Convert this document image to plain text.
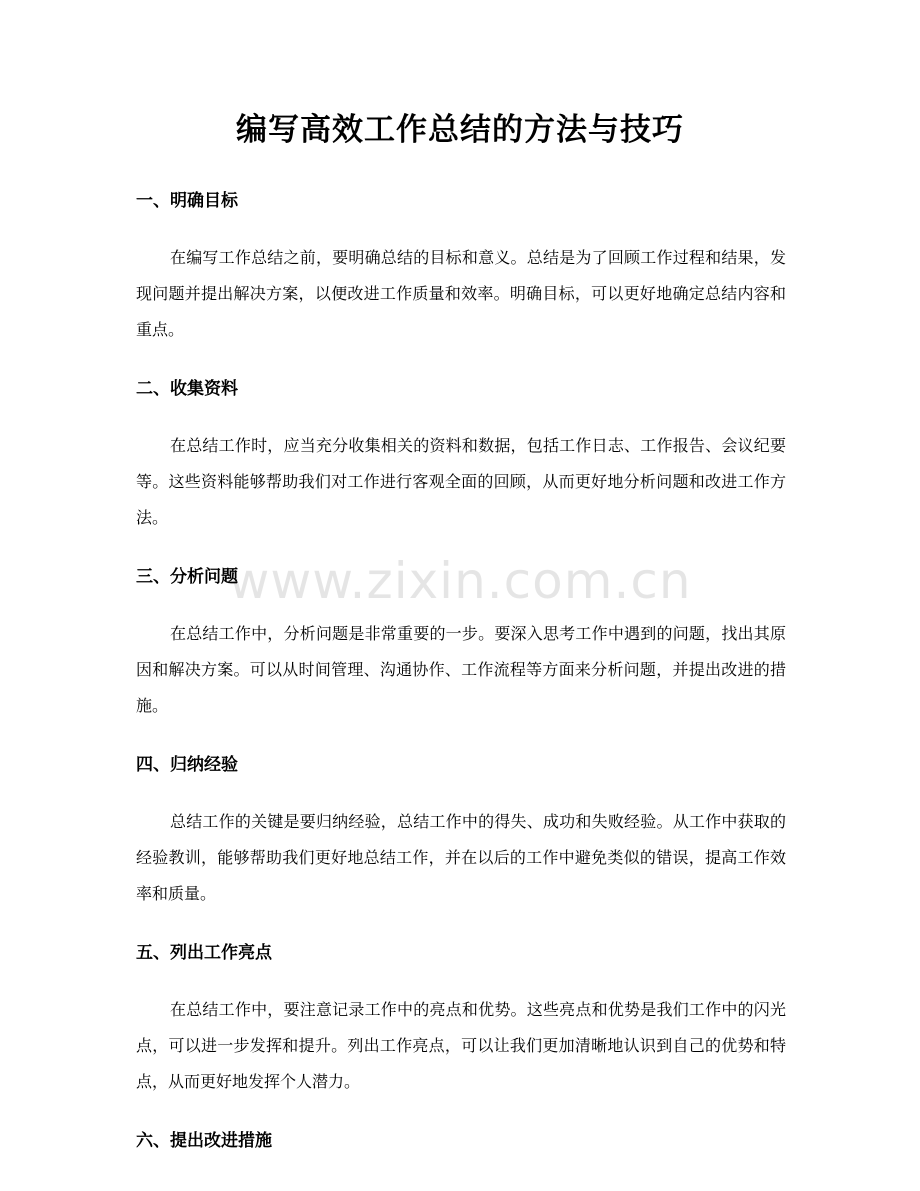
编写高效工作总结的方法与技巧
www.zixin.com.cn
一、明确目标

在编写工作总结之前，要明确总结的目标和意义。总结是为了回顾工作过程和结果，发现问题并提出解决方案，以便改进工作质量和效率。明确目标，可以更好地确定总结内容和重点。

二、收集资料

在总结工作时，应当充分收集相关的资料和数据，包括工作日志、工作报告、会议纪要等。这些资料能够帮助我们对工作进行客观全面的回顾，从而更好地分析问题和改进工作方法。

三、分析问题

在总结工作中，分析问题是非常重要的一步。要深入思考工作中遇到的问题，找出其原因和解决方案。可以从时间管理、沟通协作、工作流程等方面来分析问题，并提出改进的措施。

四、归纳经验

总结工作的关键是要归纳经验，总结工作中的得失、成功和失败经验。从工作中获取的经验教训，能够帮助我们更好地总结工作，并在以后的工作中避免类似的错误，提高工作效率和质量。

五、列出工作亮点

在总结工作中，要注意记录工作中的亮点和优势。这些亮点和优势是我们工作中的闪光点，可以进一步发挥和提升。列出工作亮点，可以让我们更加清晰地认识到自己的优势和特点，从而更好地发挥个人潜力。

六、提出改进措施
